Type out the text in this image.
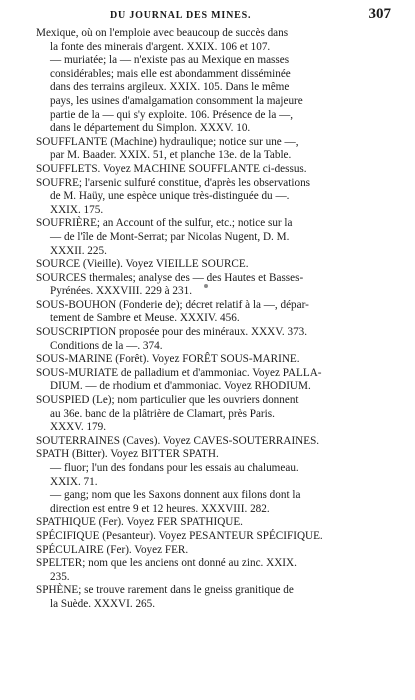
DU JOURNAL DES MINES.	307
Mexique, où on l'emploie avec beaucoup de succès dans
la fonte des minerais d'argent. XXIX. 106 et 107.
— muriatée; la — n'existe pas au Mexique en masses
considérables; mais elle est abondamment disséminée
dans des terrains argileux. XXIX. 105. Dans le même
pays, les usines d'amalgamation consomment la majeure
partie de la — qui s'y exploite. 106. Présence de la —,
dans le département du Simplon. XXXV. 10.
SOUFFLANTE (Machine) hydraulique; notice sur une —,
par M. Baader. XXIX. 51, et planche 13e. de la Table.
SOUFFLETS. Voyez MACHINE SOUFFLANTE ci-dessus.
SOUFRE; l'arsenic sulfuré constitue, d'après les observations
de M. Haüy, une espèce unique très-distinguée du —.
XXIX. 175.
SOUFRIÈRE; an Account of the sulfur, etc.; notice sur la
— de l'île de Mont-Serrat; par Nicolas Nugent, D. M.
XXXII. 225.
SOURCE (Vieille). Voyez VIEILLE SOURCE.
SOURCES thermales; analyse des — des Hautes et Basses-
Pyrénées. XXXVIII. 229 à 231.
SOUS-BOUHON (Fonderie de); décret relatif à la —, dépar-
tement de Sambre et Meuse. XXXIV. 456.
SOUSCRIPTION proposée pour des minéraux. XXXV. 373.
Conditions de la —. 374.
SOUS-MARINE (Forêt). Voyez FORÊT SOUS-MARINE.
SOUS-MURIATE de palladium et d'ammoniac. Voyez PALLA-
DIUM. — de rhodium et d'ammoniac. Voyez RHODIUM.
SOUSPIED (Le); nom particulier que les ouvriers donnent
au 36e. banc de la plâtrière de Clamart, près Paris.
XXXV. 179.
SOUTERRAINES (Caves). Voyez CAVES-SOUTERRAINES.
SPATH (Bitter). Voyez BITTER SPATH.
— fluor; l'un des fondans pour les essais au chalumeau.
XXIX. 71.
— gang; nom que les Saxons donnent aux filons dont la
direction est entre 9 et 12 heures. XXXVIII. 282.
SPATHIQUE (Fer). Voyez FER SPATHIQUE.
SPÉCIFIQUE (Pesanteur). Voyez PESANTEUR SPÉCIFIQUE.
SPÉCULAIRE (Fer). Voyez FER.
SPELTER; nom que les anciens ont donné au zinc. XXIX.
235.
SPHÈNE; se trouve rarement dans le gneiss granitique de
la Suède. XXXVI. 265.
